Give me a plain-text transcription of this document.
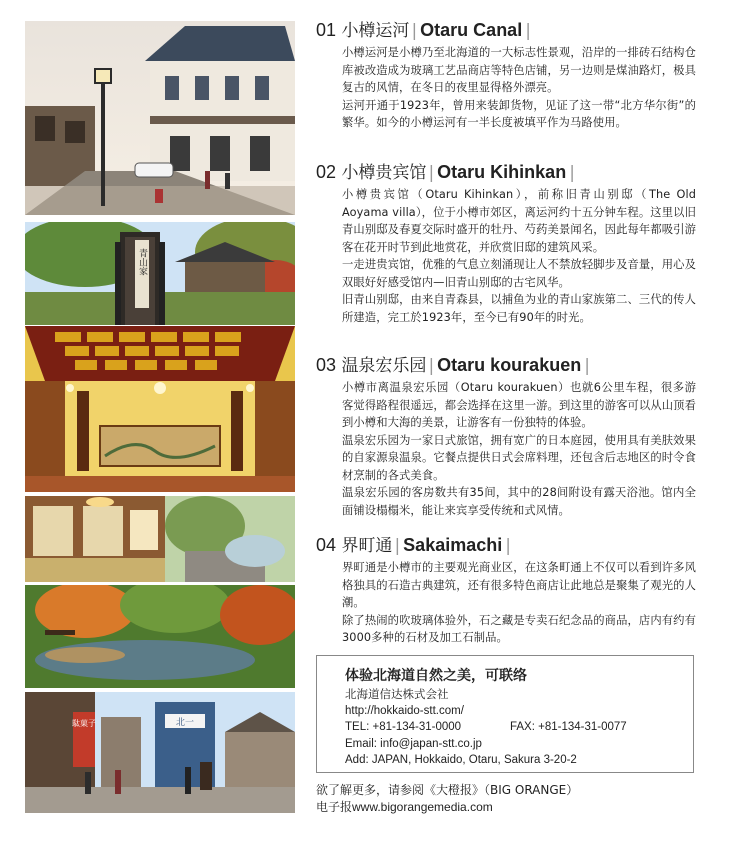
青山家
駄菓子	北一
01 小樽运河 | Otaru Canal |

小樽运河是小樽乃至北海道的一大标志性景观，沿岸的一排砖石结构仓库被改造成为玻璃工艺品商店等特色店铺，另一边则是煤油路灯，极具复古的风情，在冬日的夜里显得格外漂亮。

运河开通于1923年，曾用来装卸货物，见证了这一带“北方华尔街”的繁华。如今的小樽运河有一半长度被填平作为马路使用。

02 小樽贵宾馆 | Otaru Kihinkan |

小樽贵宾馆（Otaru Kihinkan），前称旧青山别邸（The Old Aoyama villa），位于小樽市郊区，离运河约十五分钟车程。这里以旧青山别邸及春夏交际时盛开的牡丹、芍药美景闻名，因此每年都吸引游客在花开时节到此地赏花，并欣赏旧邸的建筑风采。

一走进贵宾馆，优雅的气息立刻涌现让人不禁放轻脚步及音量，用心及双眼好好感受馆内—旧青山别邸的古宅风华。

旧青山别邸，由来自青森县，以捕鱼为业的青山家族第二、三代的传人所建造，完工於1923年，至今已有90年的时光。

03 温泉宏乐园 | Otaru kourakuen |

小樽市离温泉宏乐园（Otaru kourakuen）也就6公里车程，很多游客觉得路程很遥远，都会选择在这里一游。到这里的游客可以从山顶看到小樽和大海的美景，让游客有一份独特的体验。

温泉宏乐园为一家日式旅馆，拥有宽广的日本庭园，使用具有美肤效果的自家源泉温泉。它餐点提供日式会席料理，还包含后志地区的时令食材烹制的各式美食。

温泉宏乐园的客房数共有35间，其中的28间附设有露天浴池。馆内全面铺设榻榻米，能让来宾享受传统和式风情。

04 界町通 | Sakaimachi |

界町通是小樽市的主要观光商业区，在这条町通上不仅可以看到许多风格独具的石造古典建筑，还有很多特色商店让此地总是聚集了观光的人潮。

除了热闹的吹玻璃体验外，石之藏是专卖石纪念品的商品，店内有约有3000多种的石材及加工石制品。

体验北海道自然之美，可联络
北海道信达株式会社
http://hokkaido-stt.com/
TEL: +81-134-31-0000	FAX: +81-134-31-0077
Email: info@japan-stt.co.jp
Add: JAPAN, Hokkaido, Otaru, Sakura 3-20-2
欲了解更多，请参阅《大橙报》（BIG ORANGE）
电子报www.bigorangemedia.com
